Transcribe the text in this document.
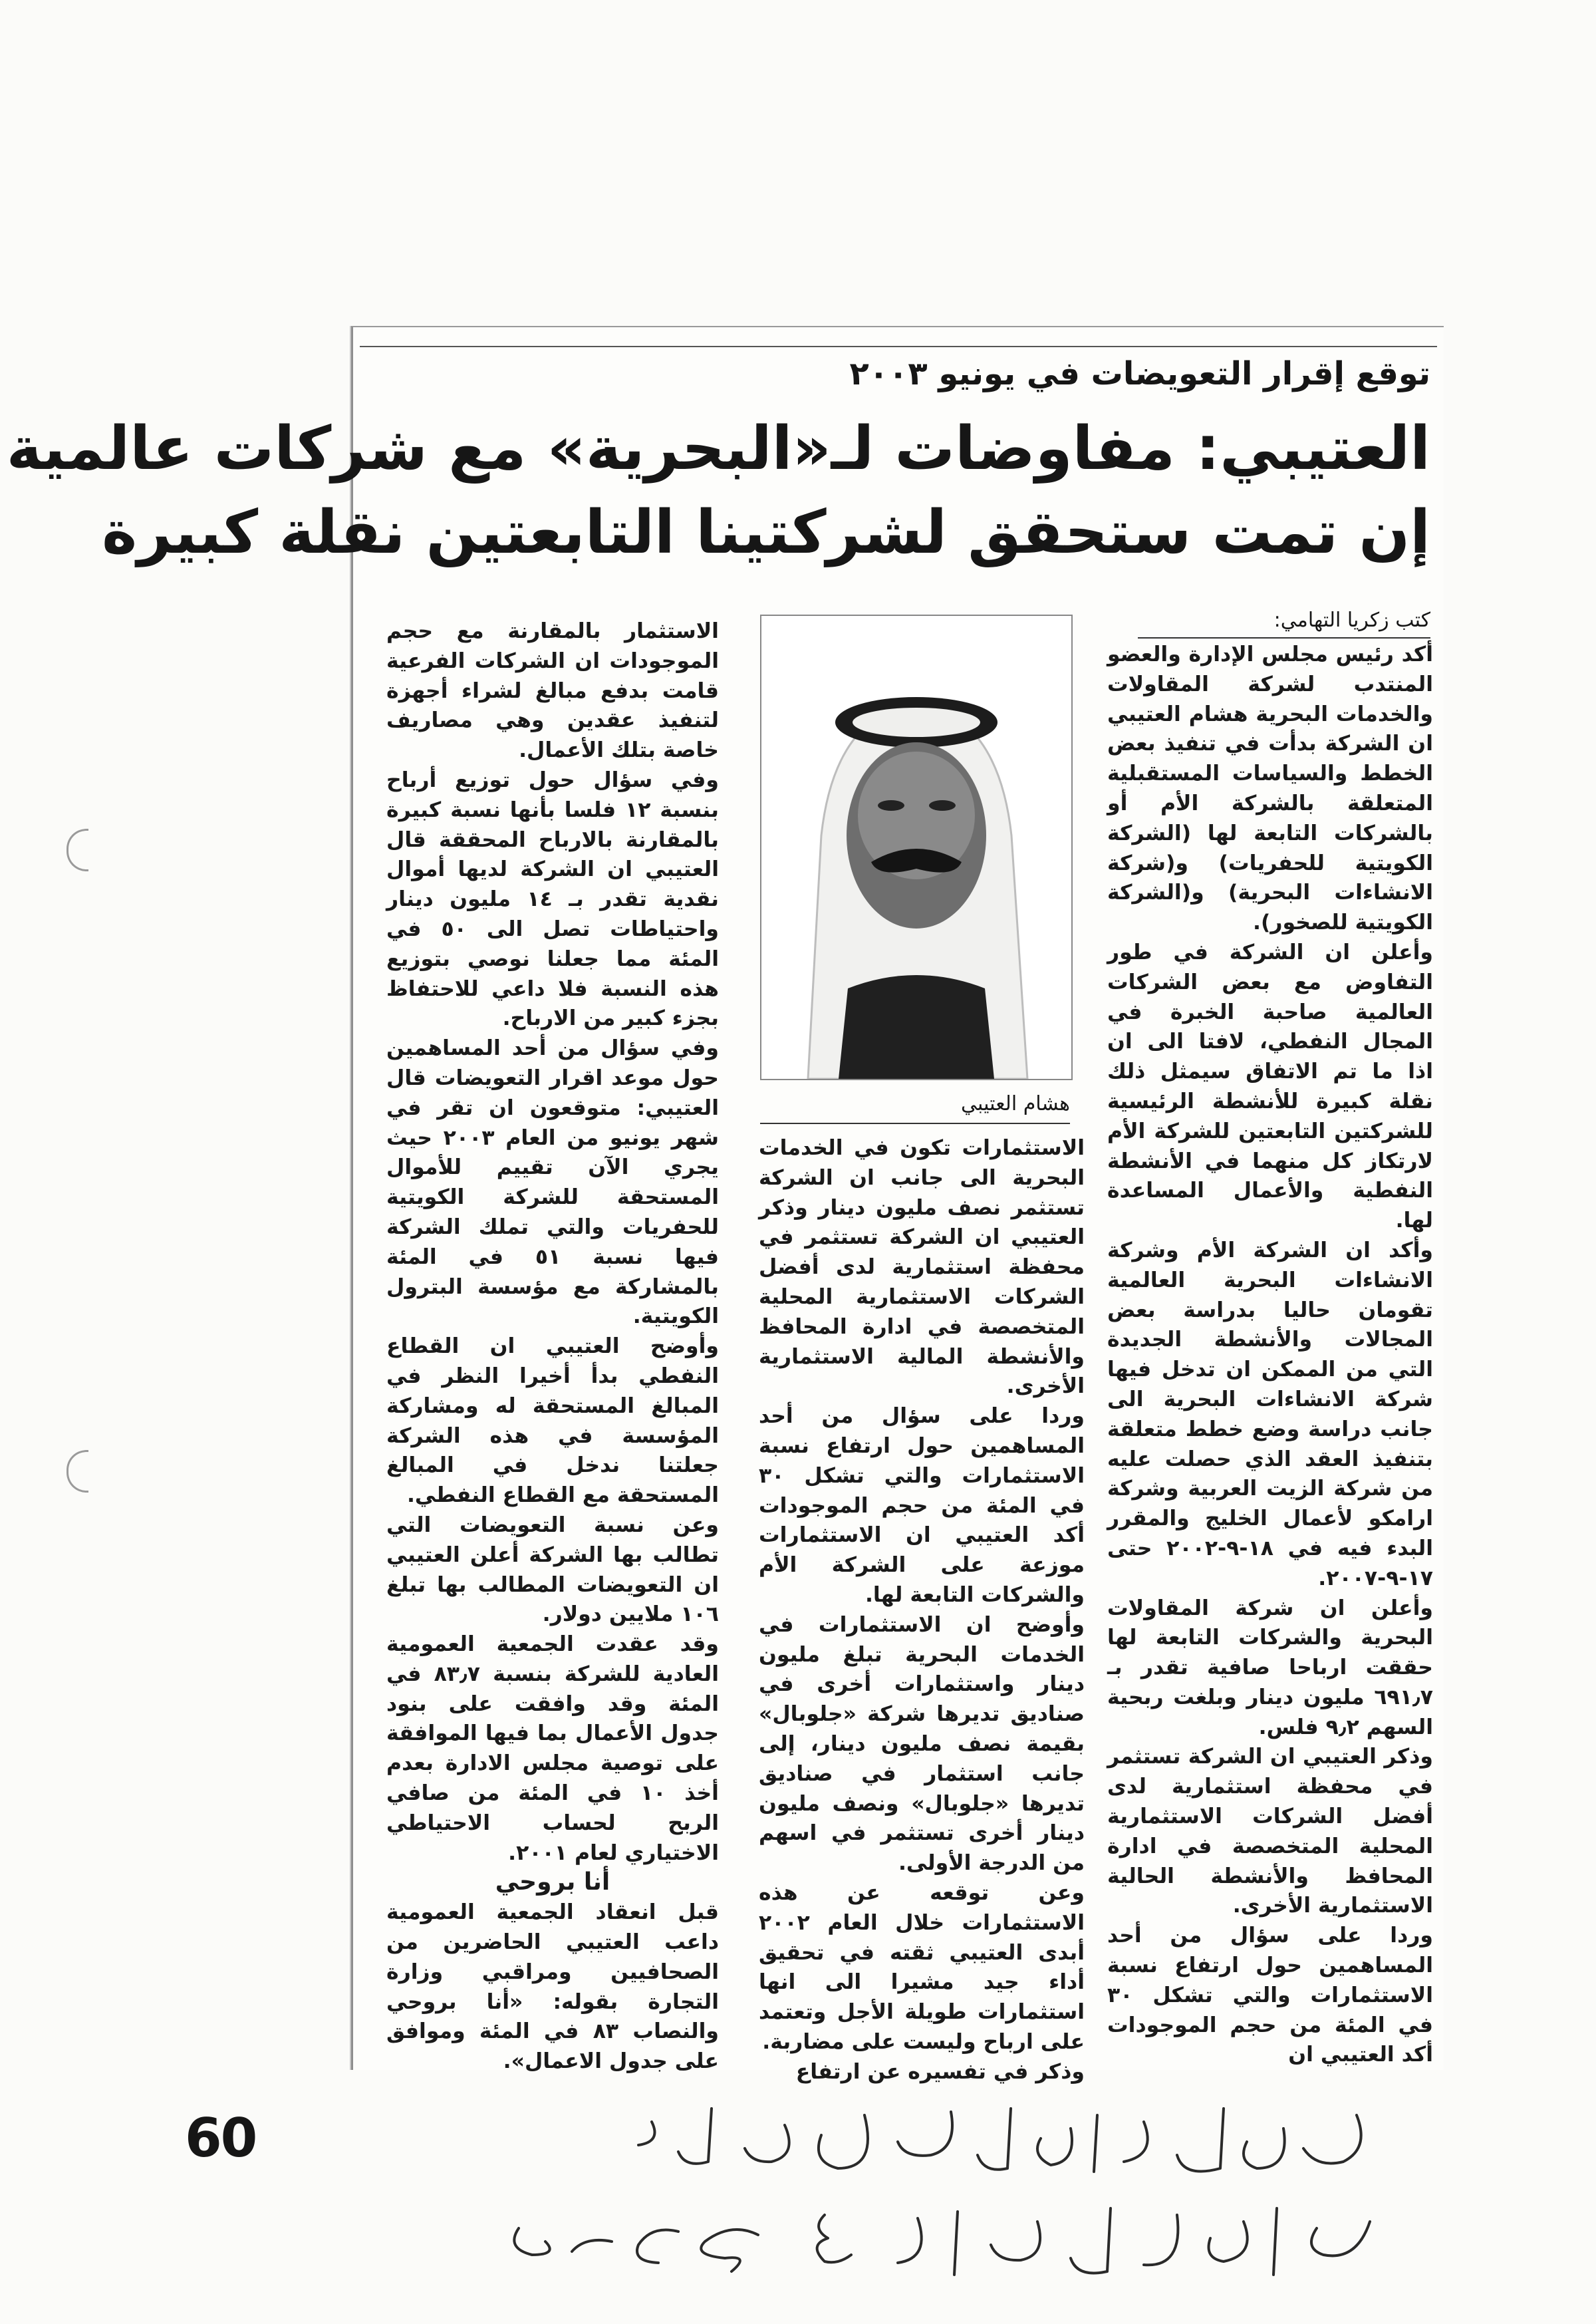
توقع إقرار التعويضات في يونيو ٢٠٠٣
العتيبي: مفاوضات لـ«البحرية» مع شركات عالمية
إن تمت ستحقق لشركتينا التابعتين نقلة كبيرة
كتب زكريا التهامي:

أكد رئيس مجلس الإدارة والعضو المنتدب لشركة المقاولات والخدمات البحرية هشام العتيبي ان الشركة بدأت في تنفيذ بعض الخطط والسياسات المستقبلية المتعلقة بالشركة الأم أو بالشركات التابعة لها (الشركة الكويتية للحفريات) و(شركة الانشاءات البحرية) و(الشركة الكويتية للصخور).

وأعلن ان الشركة في طور التفاوض مع بعض الشركات العالمية صاحبة الخبرة في المجال النفطي، لافتا الى ان اذا ما تم الاتفاق سيمثل ذلك نقلة كبيرة للأنشطة الرئيسية للشركتين التابعتين للشركة الأم لارتكاز كل منهما في الأنشطة النفطية والأعمال المساعدة لها.

وأكد ان الشركة الأم وشركة الانشاءات البحرية العالمية تقومان حاليا بدراسة بعض المجالات والأنشطة الجديدة التي من الممكن ان تدخل فيها شركة الانشاءات البحرية الى جانب دراسة وضع خطط متعلقة بتنفيذ العقد الذي حصلت عليه من شركة الزيت العربية وشركة ارامكو لأعمال الخليج والمقرر البدء فيه في ١٨-٩-٢٠٠٢ حتى ١٧-٩-٢٠٠٧.

وأعلن ان شركة المقاولات البحرية والشركات التابعة لها حققت ارباحا صافية تقدر بـ ٦٩١٫٧ مليون دينار وبلغت ربحية السهم ٩٫٢ فلس.

وذكر العتيبي ان الشركة تستثمر في محفظة استثمارية لدى أفضل الشركات الاستثمارية المحلية المتخصصة في ادارة المحافظ والأنشطة الحالية الاستثمارية الأخرى.

وردا على سؤال من أحد المساهمين حول ارتفاع نسبة الاستثمارات والتي تشكل ٣٠ في المئة من حجم الموجودات أكد العتيبي ان

هشام العتيبي

الاستثمارات تكون في الخدمات البحرية الى جانب ان الشركة تستثمر نصف مليون دينار وذكر العتيبي ان الشركة تستثمر في محفظة استثمارية لدى أفضل الشركات الاستثمارية المحلية المتخصصة في ادارة المحافظ والأنشطة المالية الاستثمارية الأخرى.

وردا على سؤال من أحد المساهمين حول ارتفاع نسبة الاستثمارات والتي تشكل ٣٠ في المئة من حجم الموجودات أكد العتيبي ان الاستثمارات موزعة على الشركة الأم والشركات التابعة لها.

وأوضح ان الاستثمارات في الخدمات البحرية تبلغ مليون دينار واستثمارات أخرى في صناديق تديرها شركة «جلوبال» بقيمة نصف مليون دينار، إلى جانب استثمار في صناديق تديرها «جلوبال» ونصف مليون دينار أخرى تستثمر في اسهم من الدرجة الأولى.

وعن توقعه عن هذه الاستثمارات خلال العام ٢٠٠٢ أبدى العتيبي ثقته في تحقيق أداء جيد مشيرا الى انها استثمارات طويلة الأجل وتعتمد على ارباح وليست على مضاربة.

وذكر في تفسيره عن ارتفاع

الاستثمار بالمقارنة مع حجم الموجودات ان الشركات الفرعية قامت بدفع مبالغ لشراء أجهزة لتنفيذ عقدين وهي مصاريف خاصة بتلك الأعمال.

وفي سؤال حول توزيع أرباح بنسبة ١٢ فلسا بأنها نسبة كبيرة بالمقارنة بالارباح المحققة قال العتيبي ان الشركة لديها أموال نقدية تقدر بـ ١٤ مليون دينار واحتياطات تصل الى ٥٠ في المئة مما جعلنا نوصي بتوزيع هذه النسبة فلا داعي للاحتفاظ بجزء كبير من الارباح.

وفي سؤال من أحد المساهمين حول موعد اقرار التعويضات قال العتيبي: متوقعون ان تقر في شهر يونيو من العام ٢٠٠٣ حيث يجري الآن تقييم للأموال المستحقة للشركة الكويتية للحفريات والتي تملك الشركة فيها نسبة ٥١ في المئة بالمشاركة مع مؤسسة البترول الكويتية.

وأوضح العتيبي ان القطاع النفطي بدأ أخيرا النظر في المبالغ المستحقة له ومشاركة المؤسسة في هذه الشركة جعلتنا ندخل في المبالغ المستحقة مع القطاع النفطي.

وعن نسبة التعويضات التي تطالب بها الشركة أعلن العتيبي ان التعويضات المطالب بها تبلغ ١٠٦ ملايين دولار.

وقد عقدت الجمعية العمومية العادية للشركة بنسبة ٨٣٫٧ في المئة وقد وافقت على بنود جدول الأعمال بما فيها الموافقة على توصية مجلس الادارة بعدم أخذ ١٠ في المئة من صافي الربح لحساب الاحتياطي الاختياري لعام ٢٠٠١.

أنا بروحي

قبل انعقاد الجمعية العمومية داعب العتيبي الحاضرين من الصحافيين ومراقبي وزارة التجارة بقوله: «أنا بروحي والنصاب ٨٣ في المئة وموافق على جدول الاعمال».

60
